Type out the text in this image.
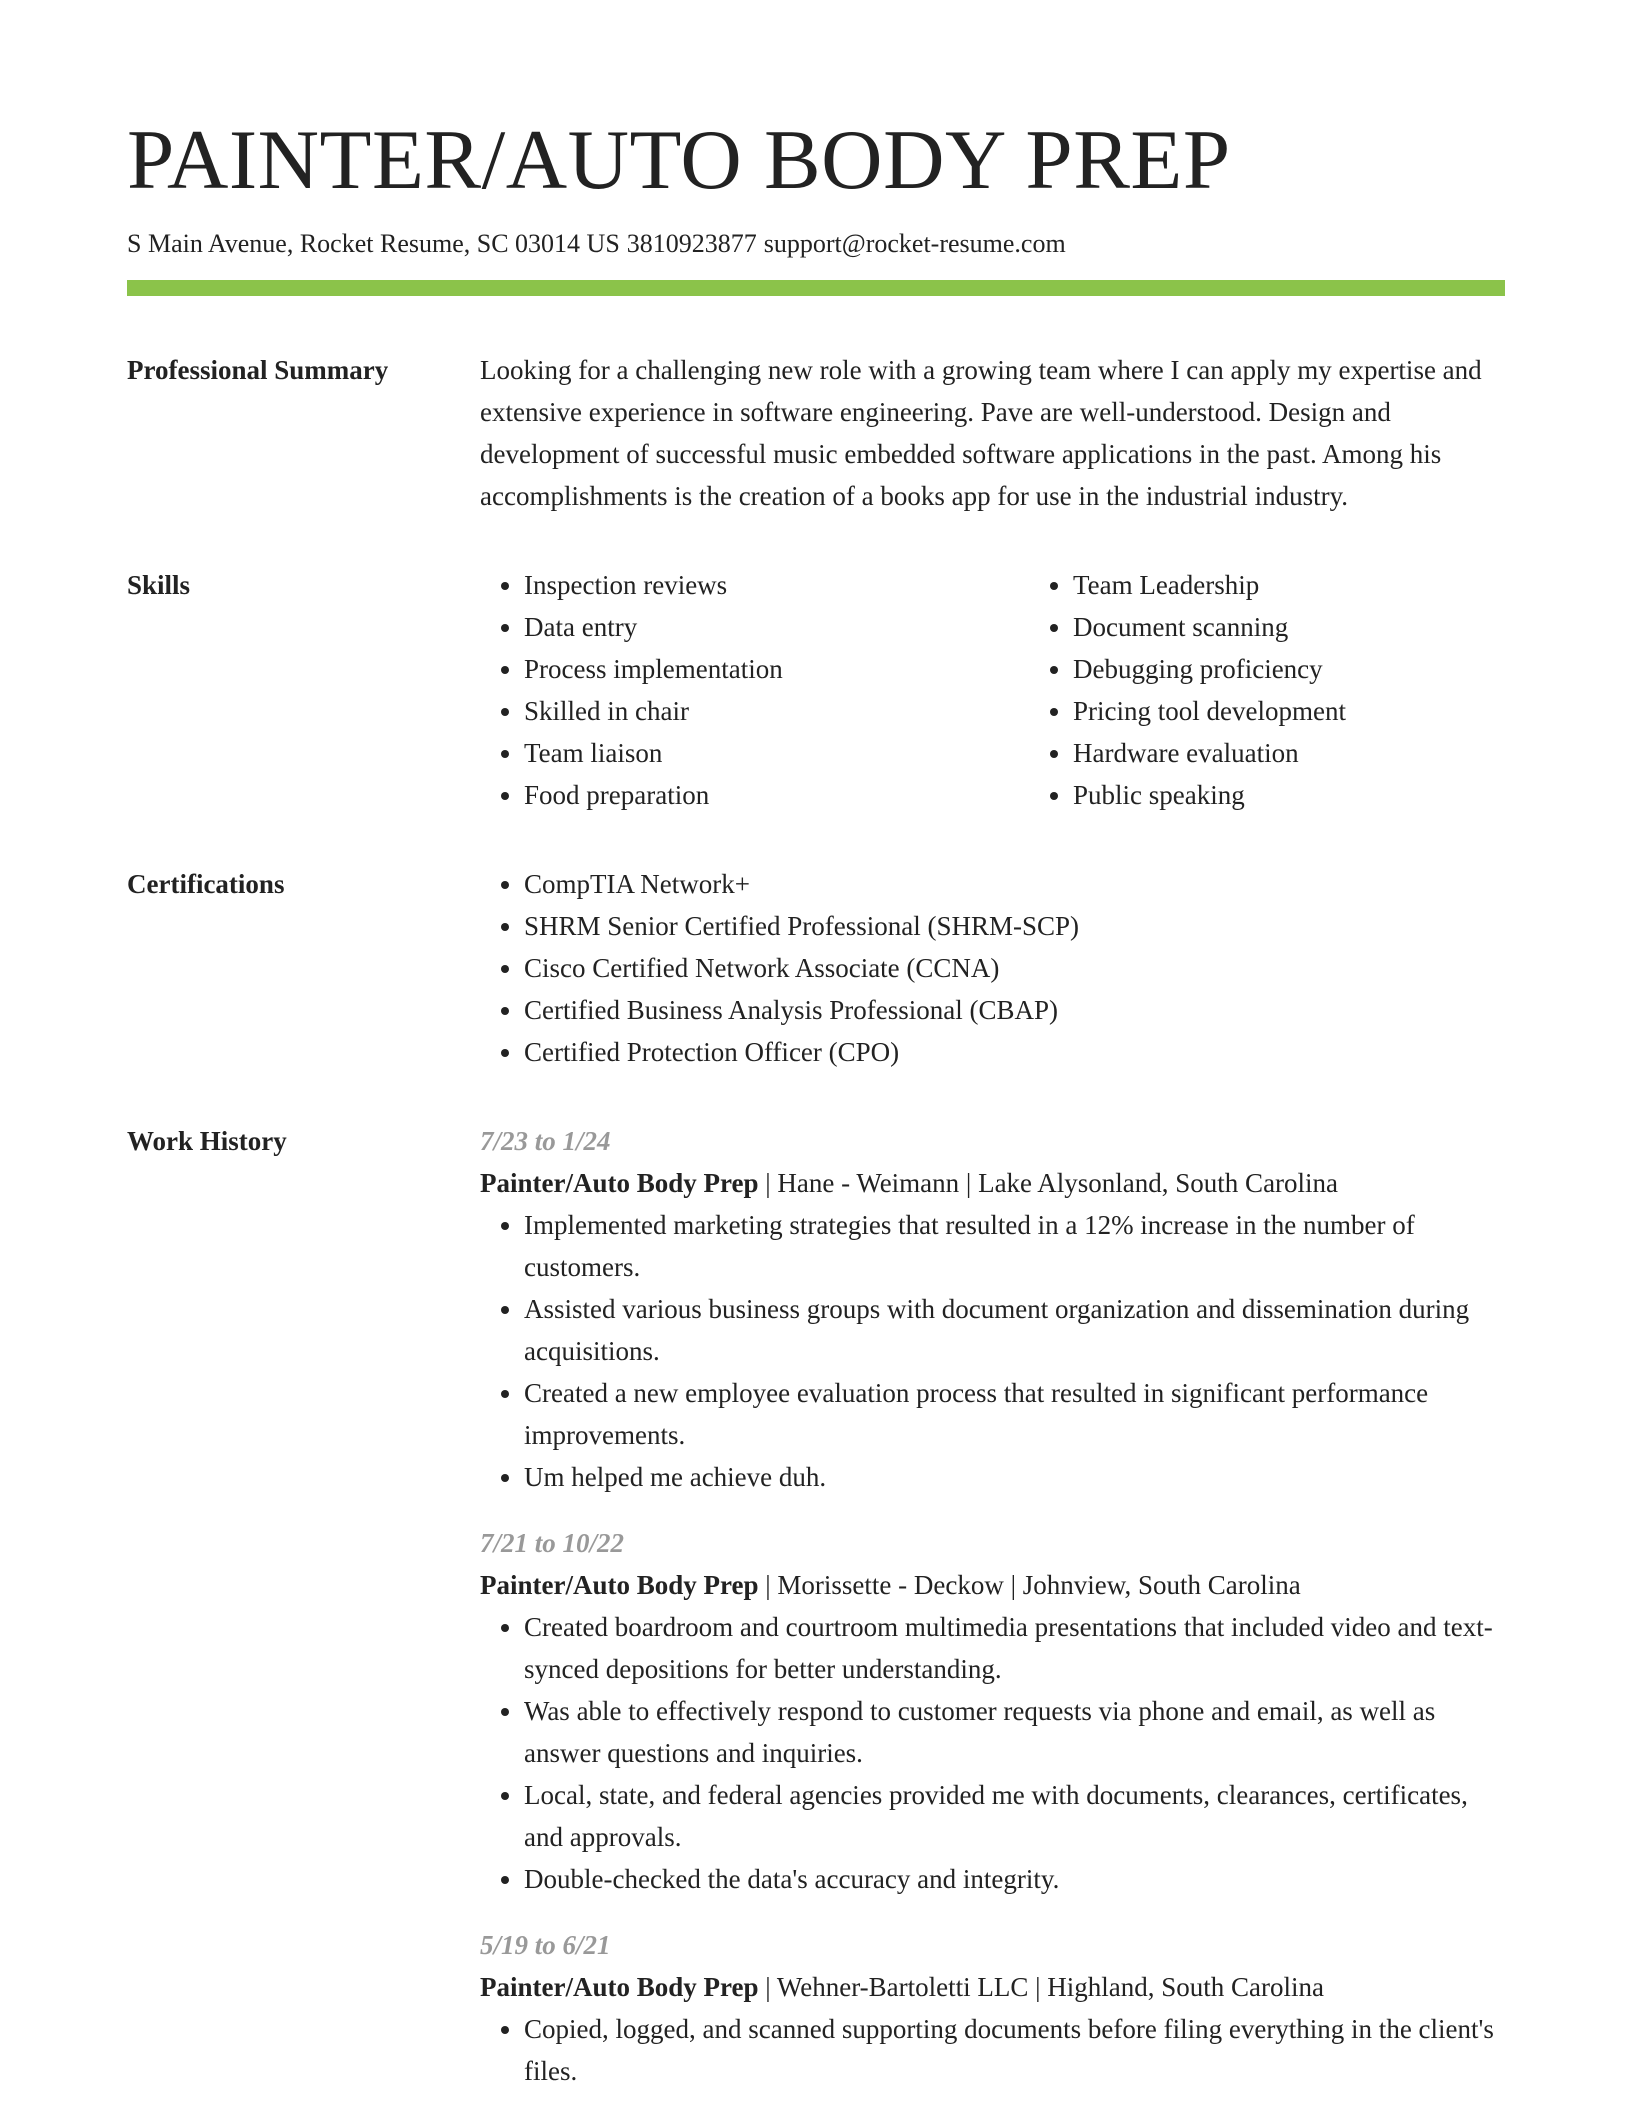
PAINTER/AUTO BODY PREP
S Main Avenue, Rocket Resume, SC 03014 US 3810923877 support@rocket-resume.com
Professional Summary	Looking for a challenging new role with a growing team where I can apply my expertise and extensive experience in software engineering. Pave are well-understood. Design and development of successful music embedded software applications in the past. Among his accomplishments is the creation of a books app for use in the industrial industry.

Skills	• Inspection reviews
• Data entry
• Process implementation
• Skilled in chair
• Team liaison
• Food preparation
• Team Leadership
• Document scanning
• Debugging proficiency
• Pricing tool development
• Hardware evaluation
• Public speaking
Certifications	• CompTIA Network+
• SHRM Senior Certified Professional (SHRM-SCP)
• Cisco Certified Network Associate (CCNA)
• Certified Business Analysis Professional (CBAP)
• Certified Protection Officer (CPO)
Work History	7/23 to 1/24
Painter/Auto Body Prep | Hane - Weimann | Lake Alysonland, South Carolina
• Implemented marketing strategies that resulted in a 12% increase in the number of customers.
• Assisted various business groups with document organization and dissemination during acquisitions.
• Created a new employee evaluation process that resulted in significant performance improvements.
• Um helped me achieve duh.
7/21 to 10/22
Painter/Auto Body Prep | Morissette - Deckow | Johnview, South Carolina
• Created boardroom and courtroom multimedia presentations that included video and text-synced depositions for better understanding.
• Was able to effectively respond to customer requests via phone and email, as well as answer questions and inquiries.
• Local, state, and federal agencies provided me with documents, clearances, certificates, and approvals.
• Double-checked the data's accuracy and integrity.
5/19 to 6/21
Painter/Auto Body Prep | Wehner-Bartoletti LLC | Highland, South Carolina
• Copied, logged, and scanned supporting documents before filing everything in the client's files.
